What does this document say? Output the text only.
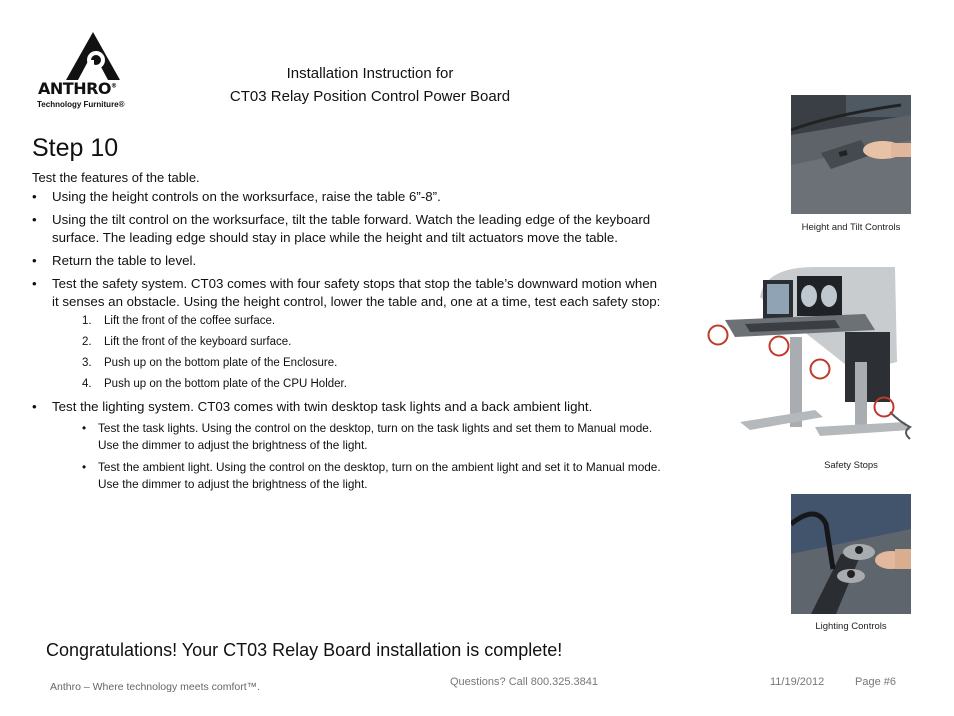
ANTHRO®
Technology Furniture®
Installation Instruction for
CT03 Relay Position Control Power Board
Step 10
Test the features of the table.
• Using the height controls on the worksurface, raise the table 6”-8”.
• Using the tilt control on the worksurface, tilt the table forward. Watch the leading edge of the keyboard surface. The leading edge should stay in place while the height and tilt actuators move the table.
• Return the table to level.
• Test the safety system. CT03 comes with four safety stops that stop the table’s downward motion when it senses an obstacle. Using the height control, lower the table and, one at a time, test each safety stop:
1. Lift the front of the coffee surface.
2. Lift the front of the keyboard surface.
3. Push up on the bottom plate of the Enclosure.
4. Push up on the bottom plate of the CPU Holder.
• Test the lighting system. CT03 comes with twin desktop task lights and a back ambient light.
• Test the task lights. Using the control on the desktop, turn on the task lights and set them to Manual mode. Use the dimmer to adjust the brightness of the light.
• Test the ambient light. Using the control on the desktop, turn on the ambient light and set it to Manual mode. Use the dimmer to adjust the brightness of the light.
Height and Tilt Controls
Safety Stops
Lighting Controls
Congratulations! Your CT03 Relay Board installation is complete!
Anthro – Where technology meets comfort™.	Questions? Call 800.325.3841	11/19/2012	Page #6
